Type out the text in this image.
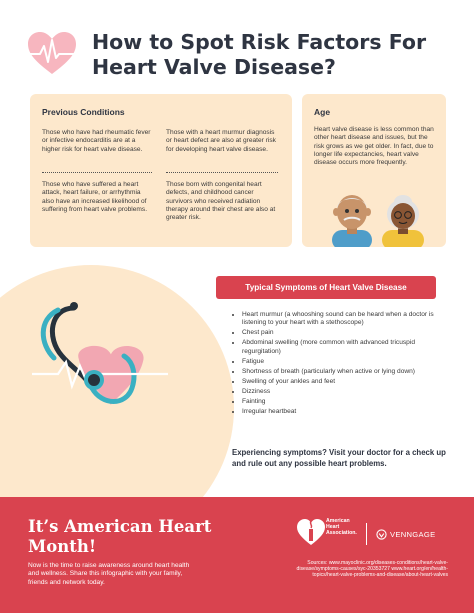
How to Spot Risk Factors For Heart Valve Disease?
Previous Conditions

Those who have had rheumatic fever or infective endocarditis are at a higher risk for heart valve disease.

Those with a heart murmur diagnosis or heart defect are also at greater risk for developing heart valve disease.

Those who have suffered a heart attack, heart failure, or arrhythmia also have an increased likelihood of suffering from heart valve problems.

Those born with congenital heart defects, and childhood cancer survivors who received radiation therapy around their chest are also at greater risk.

Age

Heart valve disease is less common than other heart disease and issues, but the risk grows as we get older. In fact, due to longer life expectancies, heart valve disease occurs more frequently.

Typical Symptoms of Heart Valve Disease
• Heart murmur (a whooshing sound can be heard when a doctor is listening to your heart with a stethoscope)
• Chest pain
• Abdominal swelling (more common with advanced tricuspid regurgitation)
• Fatigue
• Shortness of breath (particularly when active or lying down)
• Swelling of your ankles and feet
• Dizziness
• Fainting
• Irregular heartbeat

Experiencing symptoms? Visit your doctor for a check up and rule out any possible heart problems.

It’s American Heart Month!

Now is the time to raise awareness around heart health and wellness. Share this infographic with your family, friends and network today.

American Heart Association.	VENNGAGE

Sources: www.mayoclinic.org/diseases-conditions/heart-valve-disease/symptoms-causes/syc-20353727 www.heart.org/en/health-topics/heart-valve-problems-and-disease/about-heart-valves
